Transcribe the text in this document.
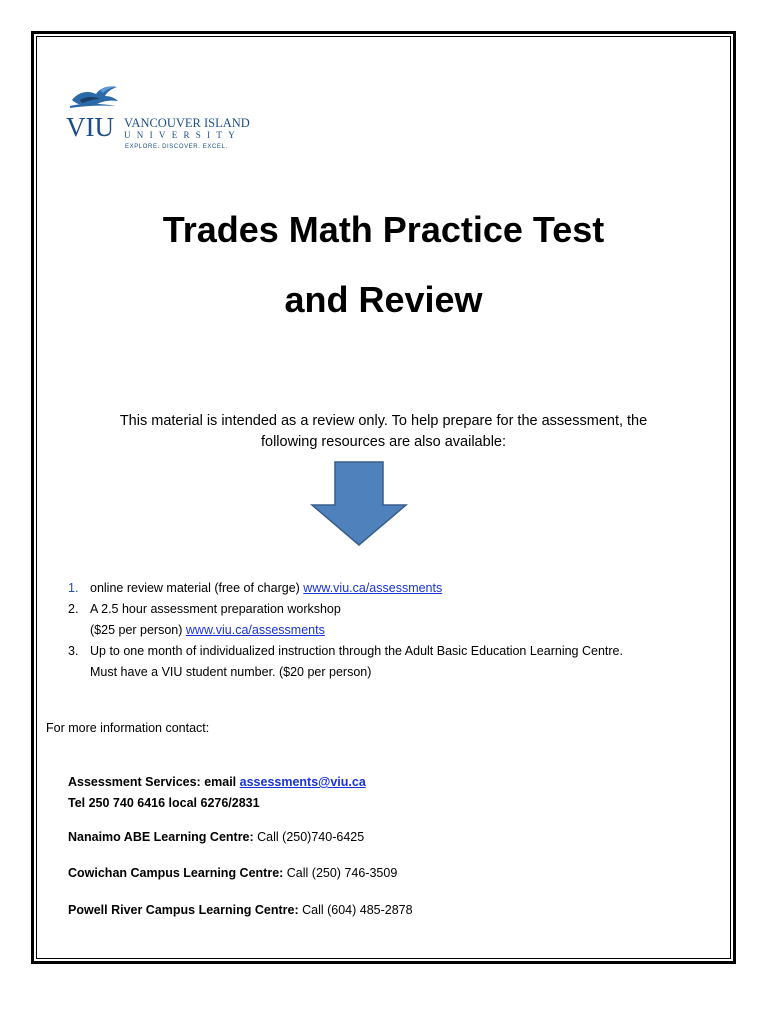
VIU VANCOUVER ISLAND
UNIVERSITY
EXPLORE. DISCOVER. EXCEL.
Trades Math Practice Test
and Review
This material is intended as a review only. To help prepare for the assessment, the
following resources are also available:
1. online review material (free of charge) www.viu.ca/assessments
2. A 2.5 hour assessment preparation workshop
($25 per person) www.viu.ca/assessments
3. Up to one month of individualized instruction through the Adult Basic Education Learning Centre.
Must have a VIU student number. ($20 per person)
For more information contact:
Assessment Services: email assessments@viu.ca
Tel 250 740 6416 local 6276/2831
Nanaimo ABE Learning Centre: Call (250)740-6425
Cowichan Campus Learning Centre: Call (250) 746-3509
Powell River Campus Learning Centre: Call (604) 485-2878
